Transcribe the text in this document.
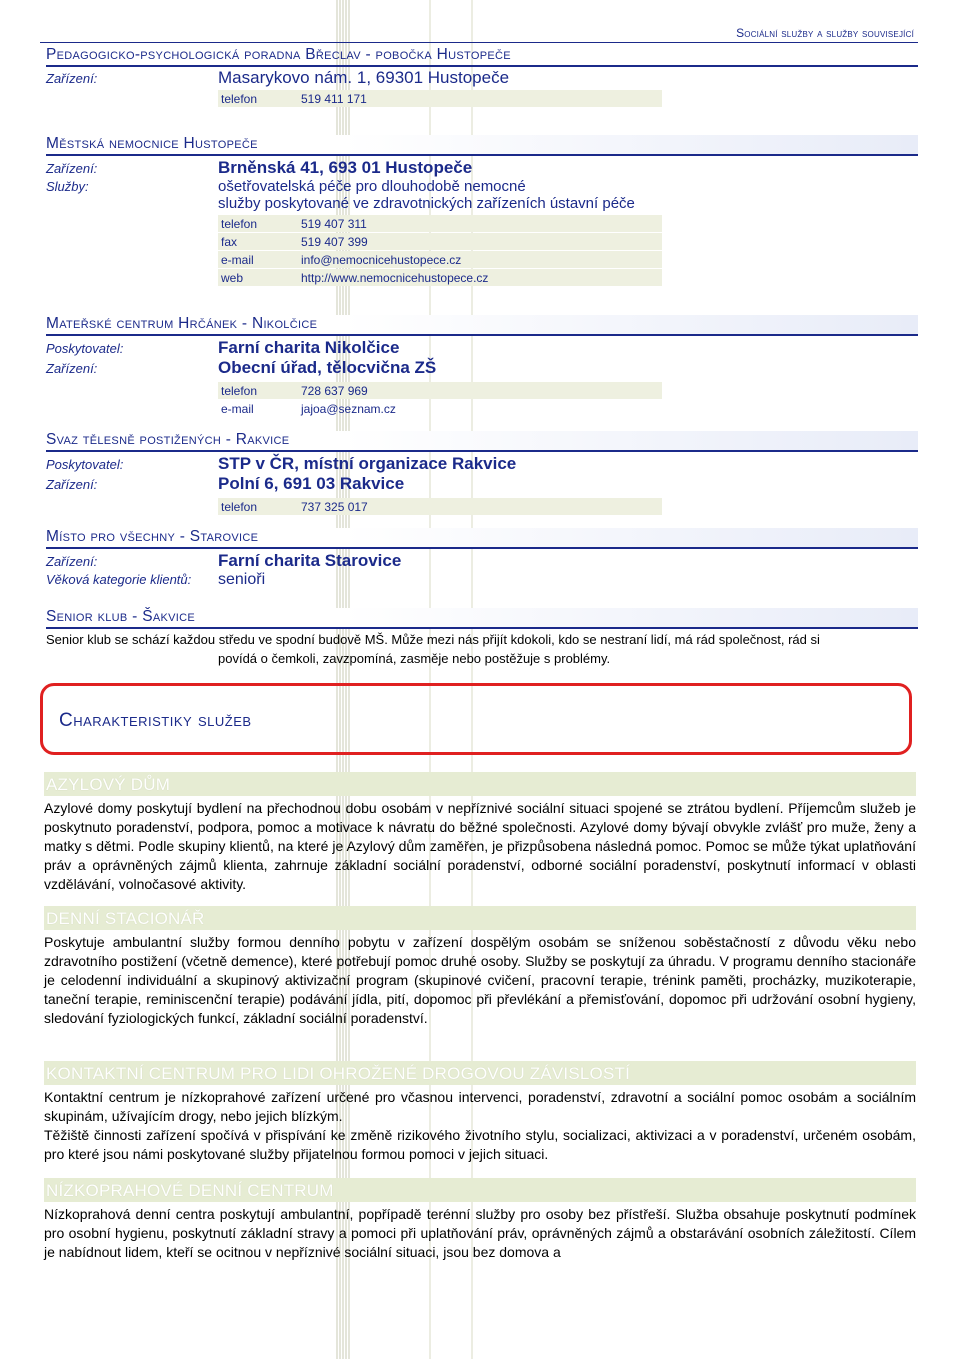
Sociální služby a služby související
Pedagogicko-psychologická poradna Břeclav - pobočka Hustopeče
Zařízení:	Masarykovo nám. 1, 69301 Hustopeče
telefon	519 411 171
Městská nemocnice Hustopeče
Zařízení:	Brněnská 41, 693 01 Hustopeče
Služby:	ošetřovatelská péče pro dlouhodobě nemocné
služby poskytované ve zdravotnických zařízeních ústavní péče
telefon	519 407 311
fax	519 407 399
e-mail	info@nemocnicehustopece.cz
web	http://www.nemocnicehustopece.cz
Mateřské centrum Hrčánek - Nikolčice
Poskytovatel:	Farní charita Nikolčice
Zařízení:	Obecní úřad, tělocvična ZŠ
telefon	728 637 969
e-mail	jajoa@seznam.cz
Svaz tělesně postižených - Rakvice
Poskytovatel:	STP v ČR, místní organizace Rakvice
Zařízení:	Polní 6, 691 03 Rakvice
telefon	737 325 017
Místo pro všechny - Starovice
Zařízení:	Farní charita Starovice
Věková kategorie klientů:	senioři
Senior klub - Šakvice
Senior klub se schází každou středu ve spodní budově MŠ. Může mezi nás přijít kdokoli, kdo se nestraní lidí, má rád společnost, rád si
povídá o čemkoli, zavzpomíná, zasměje nebo postěžuje s problémy.
Charakteristiky služeb
AZYLOVÝ DŮM

Azylové domy poskytují bydlení na přechodnou dobu osobám v nepříznivé sociální situaci spojené se ztrátou bydlení. Příjemcům služeb je poskytnuto poradenství, podpora, pomoc a motivace k návratu do běžné společnosti. Azylové domy bývají obvykle zvlášť pro muže, ženy a matky s dětmi. Podle skupiny klientů, na které je Azylový dům zaměřen, je přizpůsobena následná pomoc. Pomoc se může týkat uplatňování práv a oprávněných zájmů klienta, zahrnuje základní sociální poradenství, odborné sociální poradenství, poskytnutí informací v oblasti vzdělávání, volnočasové aktivity.

DENNÍ STACIONÁŘ

Poskytuje ambulantní služby formou denního pobytu v zařízení dospělým osobám se sníženou soběstačností z důvodu věku nebo zdravotního postižení (včetně demence), které potřebují pomoc druhé osoby. Služby se poskytují za úhradu. V programu denního stacionáře je celodenní individuální a skupinový aktivizační program (skupinové cvičení, pracovní terapie, trénink paměti, procházky, muzikoterapie, taneční terapie, reminiscenční terapie) podávání jídla, pití, dopomoc při převlékání a přemisťování, dopomoc při udržování osobní hygieny, sledování fyziologických funkcí, základní sociální poradenství.

KONTAKTNÍ CENTRUM PRO LIDI OHROŽENÉ DROGOVOU ZÁVISLOSTÍ

Kontaktní centrum je nízkoprahové zařízení určené pro včasnou intervenci, poradenství, zdravotní a sociální pomoc osobám a sociálním skupinám, užívajícím drogy, nebo jejich blízkým.

Těžiště činnosti zařízení spočívá v přispívání ke změně rizikového životního stylu, socializaci, aktivizaci a v poradenství, určeném osobám, pro které jsou námi poskytované služby přijatelnou formou pomoci v jejich situaci.

NÍZKOPRAHOVÉ DENNÍ CENTRUM

Nízkoprahová denní centra poskytují ambulantní, popřípadě terénní služby pro osoby bez přístřeší. Služba obsahuje poskytnutí podmínek pro osobní hygienu, poskytnutí základní stravy a pomoci při uplatňování práv, oprávněných zájmů a obstarávání osobních záležitostí. Cílem je nabídnout lidem, kteří se ocitnou v nepříznivé sociální situaci, jsou bez domova a
